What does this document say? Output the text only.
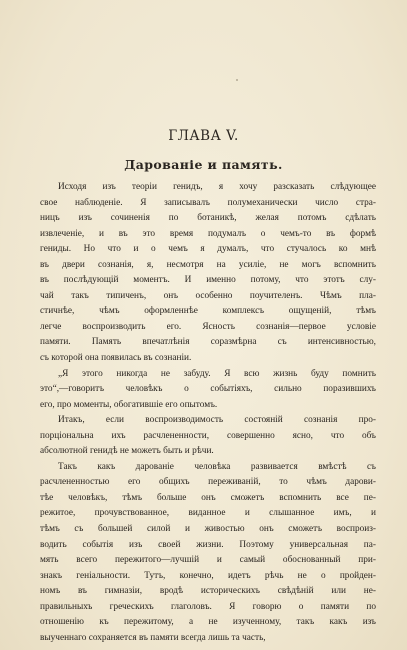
ГЛАВА V.
Дарованіе и память.
Исходя изъ теоріи генидъ, я хочу разсказать слѣдующее
свое наблюденіе. Я записывалъ полумеханически число стра-
ницъ изъ сочиненія по ботаникѣ, желая потомъ сдѣлать
извлеченіе, и въ это время подумалъ о чемъ-то въ формѣ
гениды. Но что и о чемъ я думалъ, что стучалось ко мнѣ
въ двери сознанія, я, несмотря на усиліе, не могъ вспомнить
въ послѣдующій моментъ. И именно потому, что этотъ слу-
чай такъ типиченъ, онъ особенно поучителенъ. Чѣмъ пла-
стичнѣе, чѣмъ оформленнѣе комплексъ ощущеній, тѣмъ
легче воспроизводить его. Ясность сознанія—первое условіе
памяти. Память впечатлѣнія соразмѣрна съ интенсивностью,
съ которой она появилась въ сознаніи.
„Я этого никогда не забуду. Я всю жизнь буду помнить
это“,—говоритъ человѣкъ о событіяхъ, сильно поразившихъ
его, про моменты, обогатившіе его опытомъ.
Итакъ, если воспроизводимость состояній сознанія про-
порціональна ихъ расчлененности, совершенно ясно, что объ
абсолютной генидѣ не можетъ быть и рѣчи.
Такъ какъ дарованіе человѣка развивается вмѣстѣ съ
расчлененностью его общихъ переживаній, то чѣмъ дарови-
тѣе человѣкъ, тѣмъ больше онъ сможетъ вспомнить все пе-
режитое, прочувствованное, виданное и слышанное имъ, и
тѣмъ съ большей силой и живостью онъ сможетъ воспроиз-
водить событія изъ своей жизни. Поэтому универсальная па-
мять всего пережитого—лучшій и самый обоснованный при-
знакъ геніальности. Тутъ, конечно, идетъ рѣчь не о пройден-
номъ въ гимназіи, вродѣ историческихъ свѣдѣній или не-
правильныхъ греческихъ глаголовъ. Я говорю о памяти по
отношенію къ пережитому, а не изученному, такъ какъ изъ
выученнаго сохраняется въ памяти всегда лишь та часть,
